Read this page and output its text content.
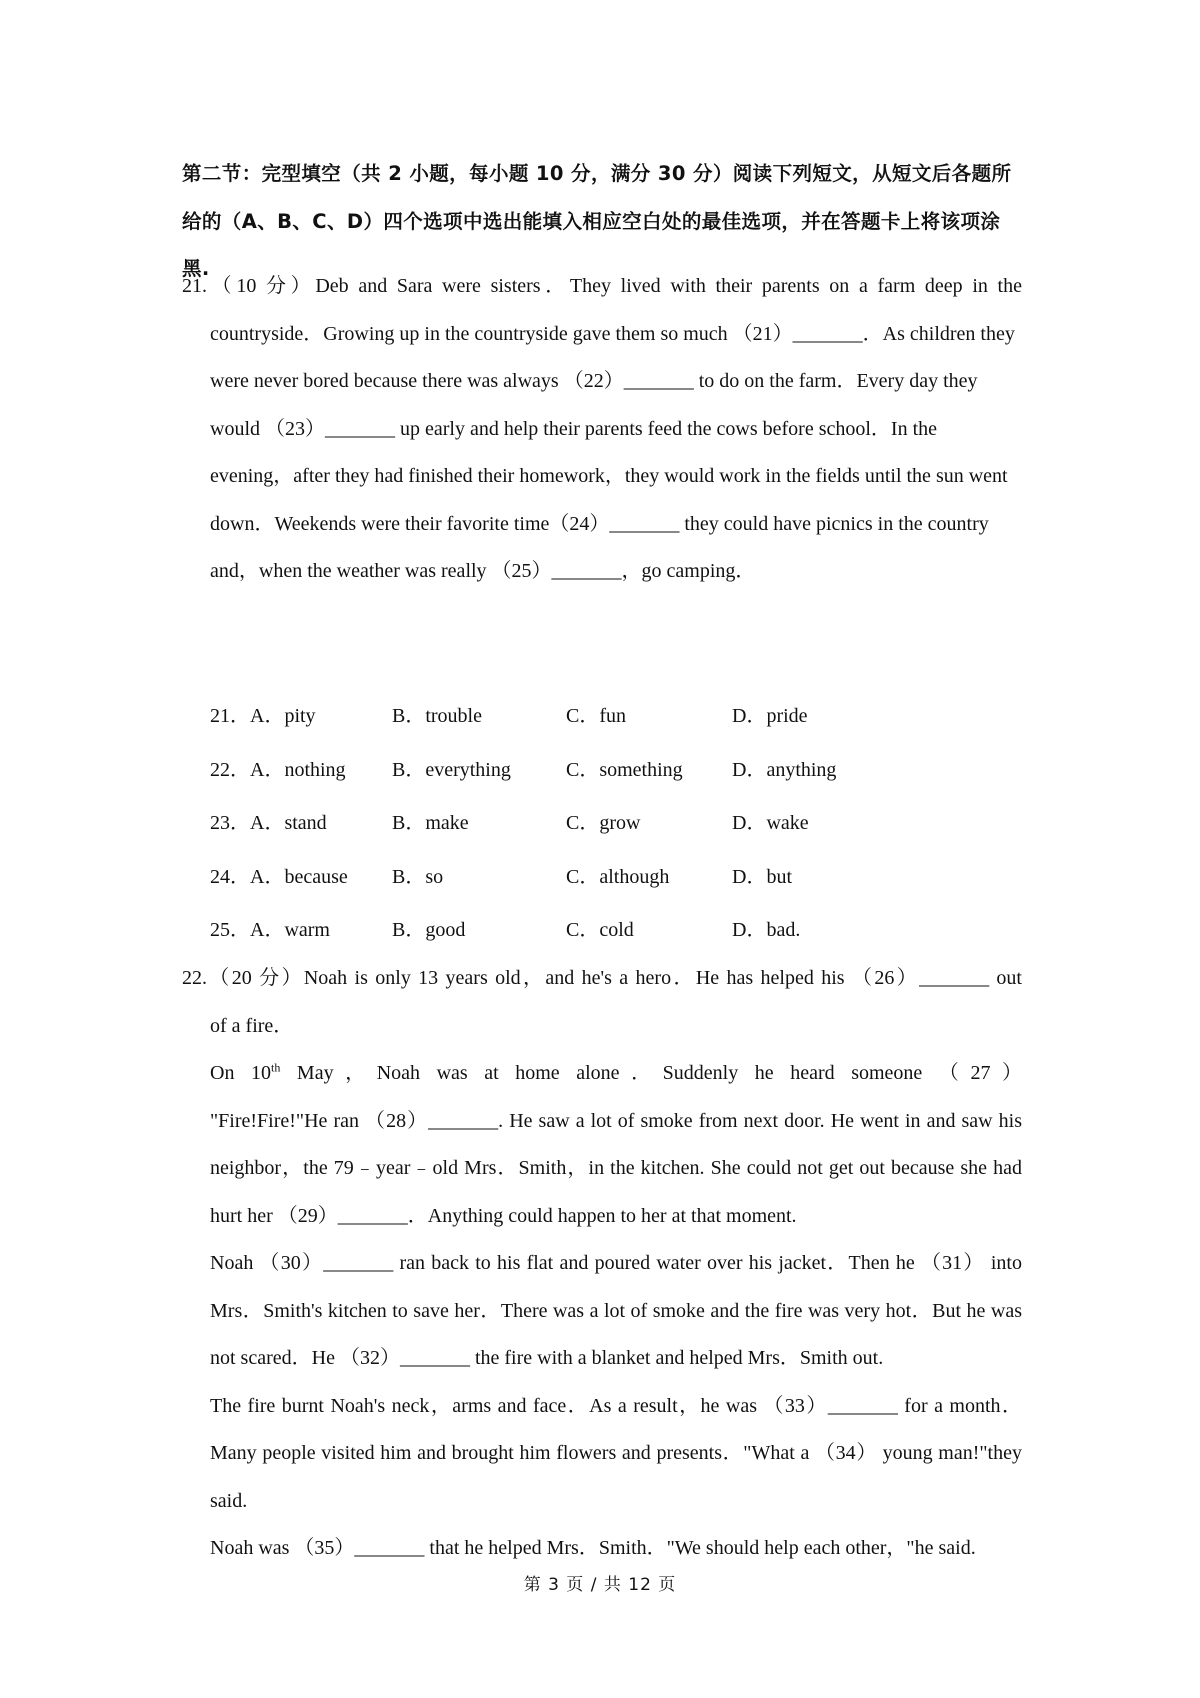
第二节：完型填空（共 2 小题，每小题 10 分，满分 30 分）阅读下列短文，从短文后各题所给的（A、B、C、D）四个选项中选出能填入相应空白处的最佳选项，并在答题卡上将该项涂黑.
21.（10 分）Deb and Sara were sisters．They lived with their parents on a farm deep in the
countryside．Growing up in the countryside gave them so much （21）_______．As children they were never bored because there was always （22）_______ to do on the farm．Every day they would （23）_______ up early and help their parents feed the cows before school．In the evening，after they had finished their homework，they would work in the fields until the sun went down．Weekends were their favorite time（24）_______ they could have picnics in the country and，when the weather was really （25）_______，go camping．
21．A．pity	B．trouble	C．fun	D．pride
22．A．nothing B．everything	C．something D．anything
23．A．stand	B．make	C．grow	D．wake
24．A．because B．so	C．although	D．but
25．A．warm	B．good	C．cold	D．bad.
22.（20 分）Noah is only 13 years old，and he's a hero．He has helped his （26）_______ out
of a fire．
On 10th May，Noah was at home alone．Suddenly he heard someone （27）
"Fire!Fire!"He ran （28）_______. He saw a lot of smoke from next door. He went in and saw his neighbor，the 79﹣year﹣old Mrs．Smith，in the kitchen. She could not get out because she had hurt her （29）_______．Anything could happen to her at that moment.
Noah （30）_______ ran back to his flat and poured water over his jacket．Then he （31） into Mrs．Smith's kitchen to save her．There was a lot of smoke and the fire was very hot．But he was not scared．He （32）_______ the fire with a blanket and helped Mrs．Smith out.
The fire burnt Noah's neck，arms and face．As a result，he was （33）_______ for a month．Many people visited him and brought him flowers and presents．"What a （34） young man!"they said.
Noah was （35）_______ that he helped Mrs．Smith．"We should help each other，"he said.
第 3 页 / 共 12 页
